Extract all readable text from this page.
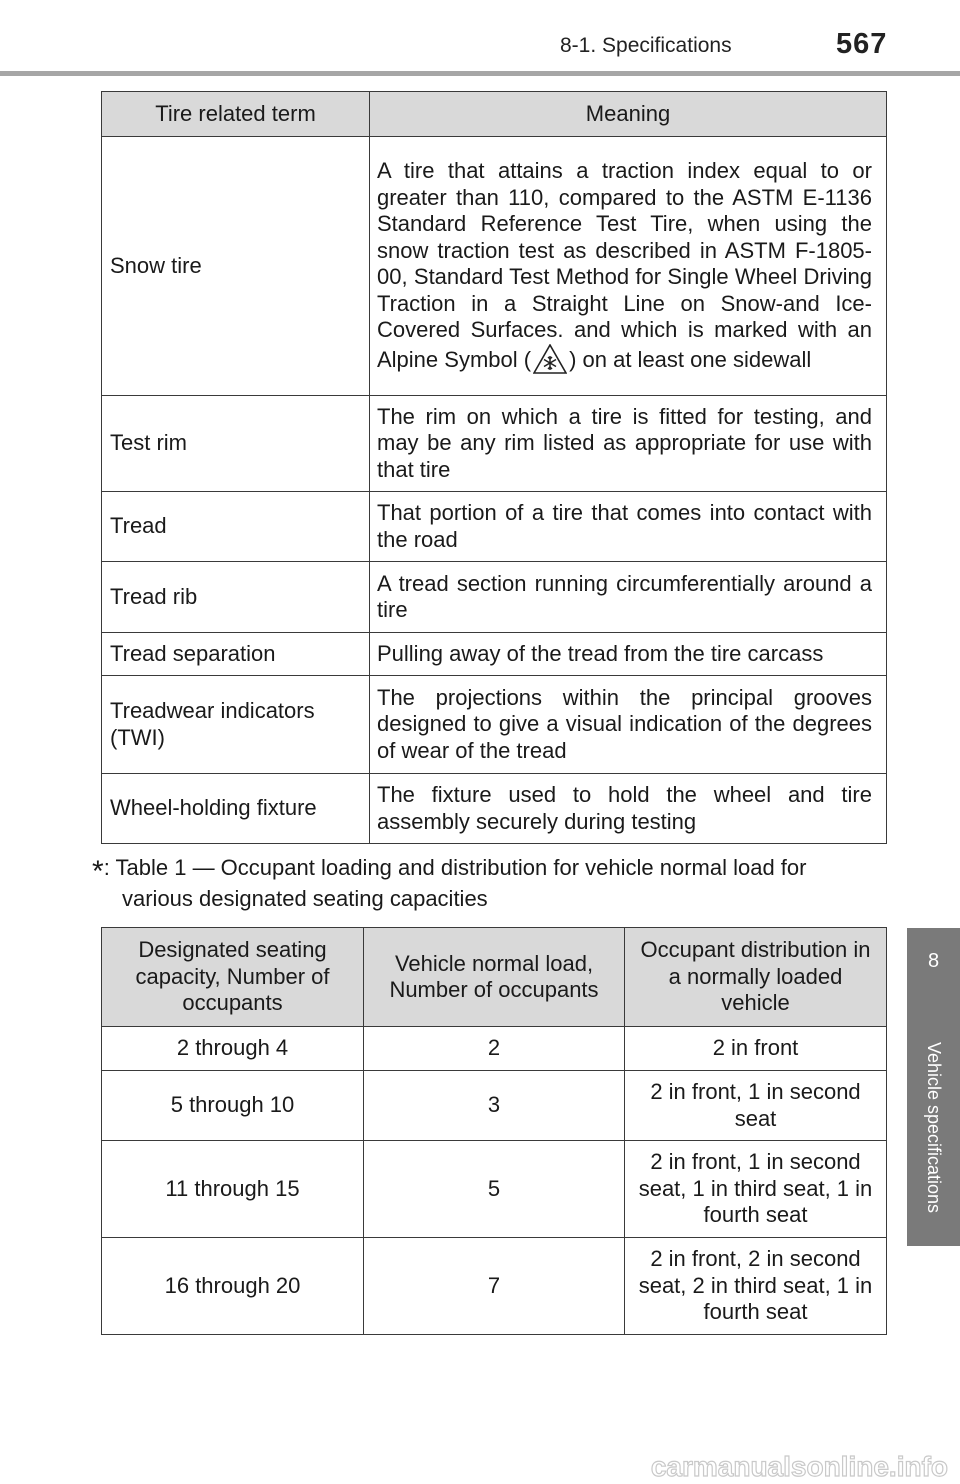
8-1. Specifications	567
8
Vehicle specifications
Tire related term	Meaning
Snow tire	A tire that attains a traction index equal to or greater than 110, compared to the ASTM E-1136 Standard Reference Test Tire, when using the snow traction test as described in ASTM F-1805-00, Standard Test Method for Single Wheel Driving Traction in a Straight Line on Snow-and Ice-Covered Surfaces. and which is marked with an Alpine Symbol ( ) on at least one sidewall
Test rim	The rim on which a tire is fitted for testing, and may be any rim listed as appropriate for use with that tire
Tread	That portion of a tire that comes into contact with the road
Tread rib	A tread section running circumferentially around a tire
Tread separation	Pulling away of the tread from the tire carcass
Treadwear indicators (TWI)	The projections within the principal grooves designed to give a visual indication of the degrees of wear of the tread
Wheel-holding fixture	The fixture used to hold the wheel and tire assembly securely during testing
*: Table 1 — Occupant loading and distribution for vehicle normal load for
various designated seating capacities
Designated seating capacity, Number of occupants	Vehicle normal load, Number of occupants	Occupant distribution in a normally loaded vehicle
2 through 4	2	2 in front
5 through 10	3	2 in front, 1 in second seat
11 through 15	5	2 in front, 1 in second seat, 1 in third seat, 1 in fourth seat
16 through 20	7	2 in front, 2 in second seat, 2 in third seat, 1 in fourth seat
carmanualsonline.info
